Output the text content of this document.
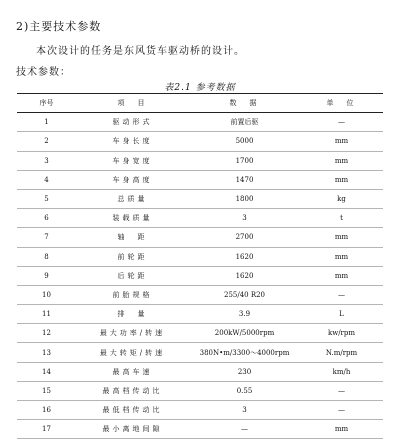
2)主要技术参数
本次设计的任务是东风货车驱动桥的设计。
技术参数：
表2.1 参考数据
序号	项　目	数　据	单　位
1	驱动形式	前置后驱	—
2	车身长度	5000	mm
3	车身宽度	1700	mm
4	车身高度	1470	mm
5	总质量	1800	kg
6	装载质量	3	t
7	轴　距	2700	mm
8	前轮距	1620	mm
9	后轮距	1620	mm
10	前胎规格	255/40 R20	—
11	排　量	3.9	L
12	最大功率/转速	200kW/5000rpm	kw/rpm
13	最大转矩/转速	380N•m/3300～4000rpm	N.m/rpm
14	最高车速	230	km/h
15	最高档传动比	0.55	—
16	最低档传动比	3	—
17	最小离地间隙	—	mm
